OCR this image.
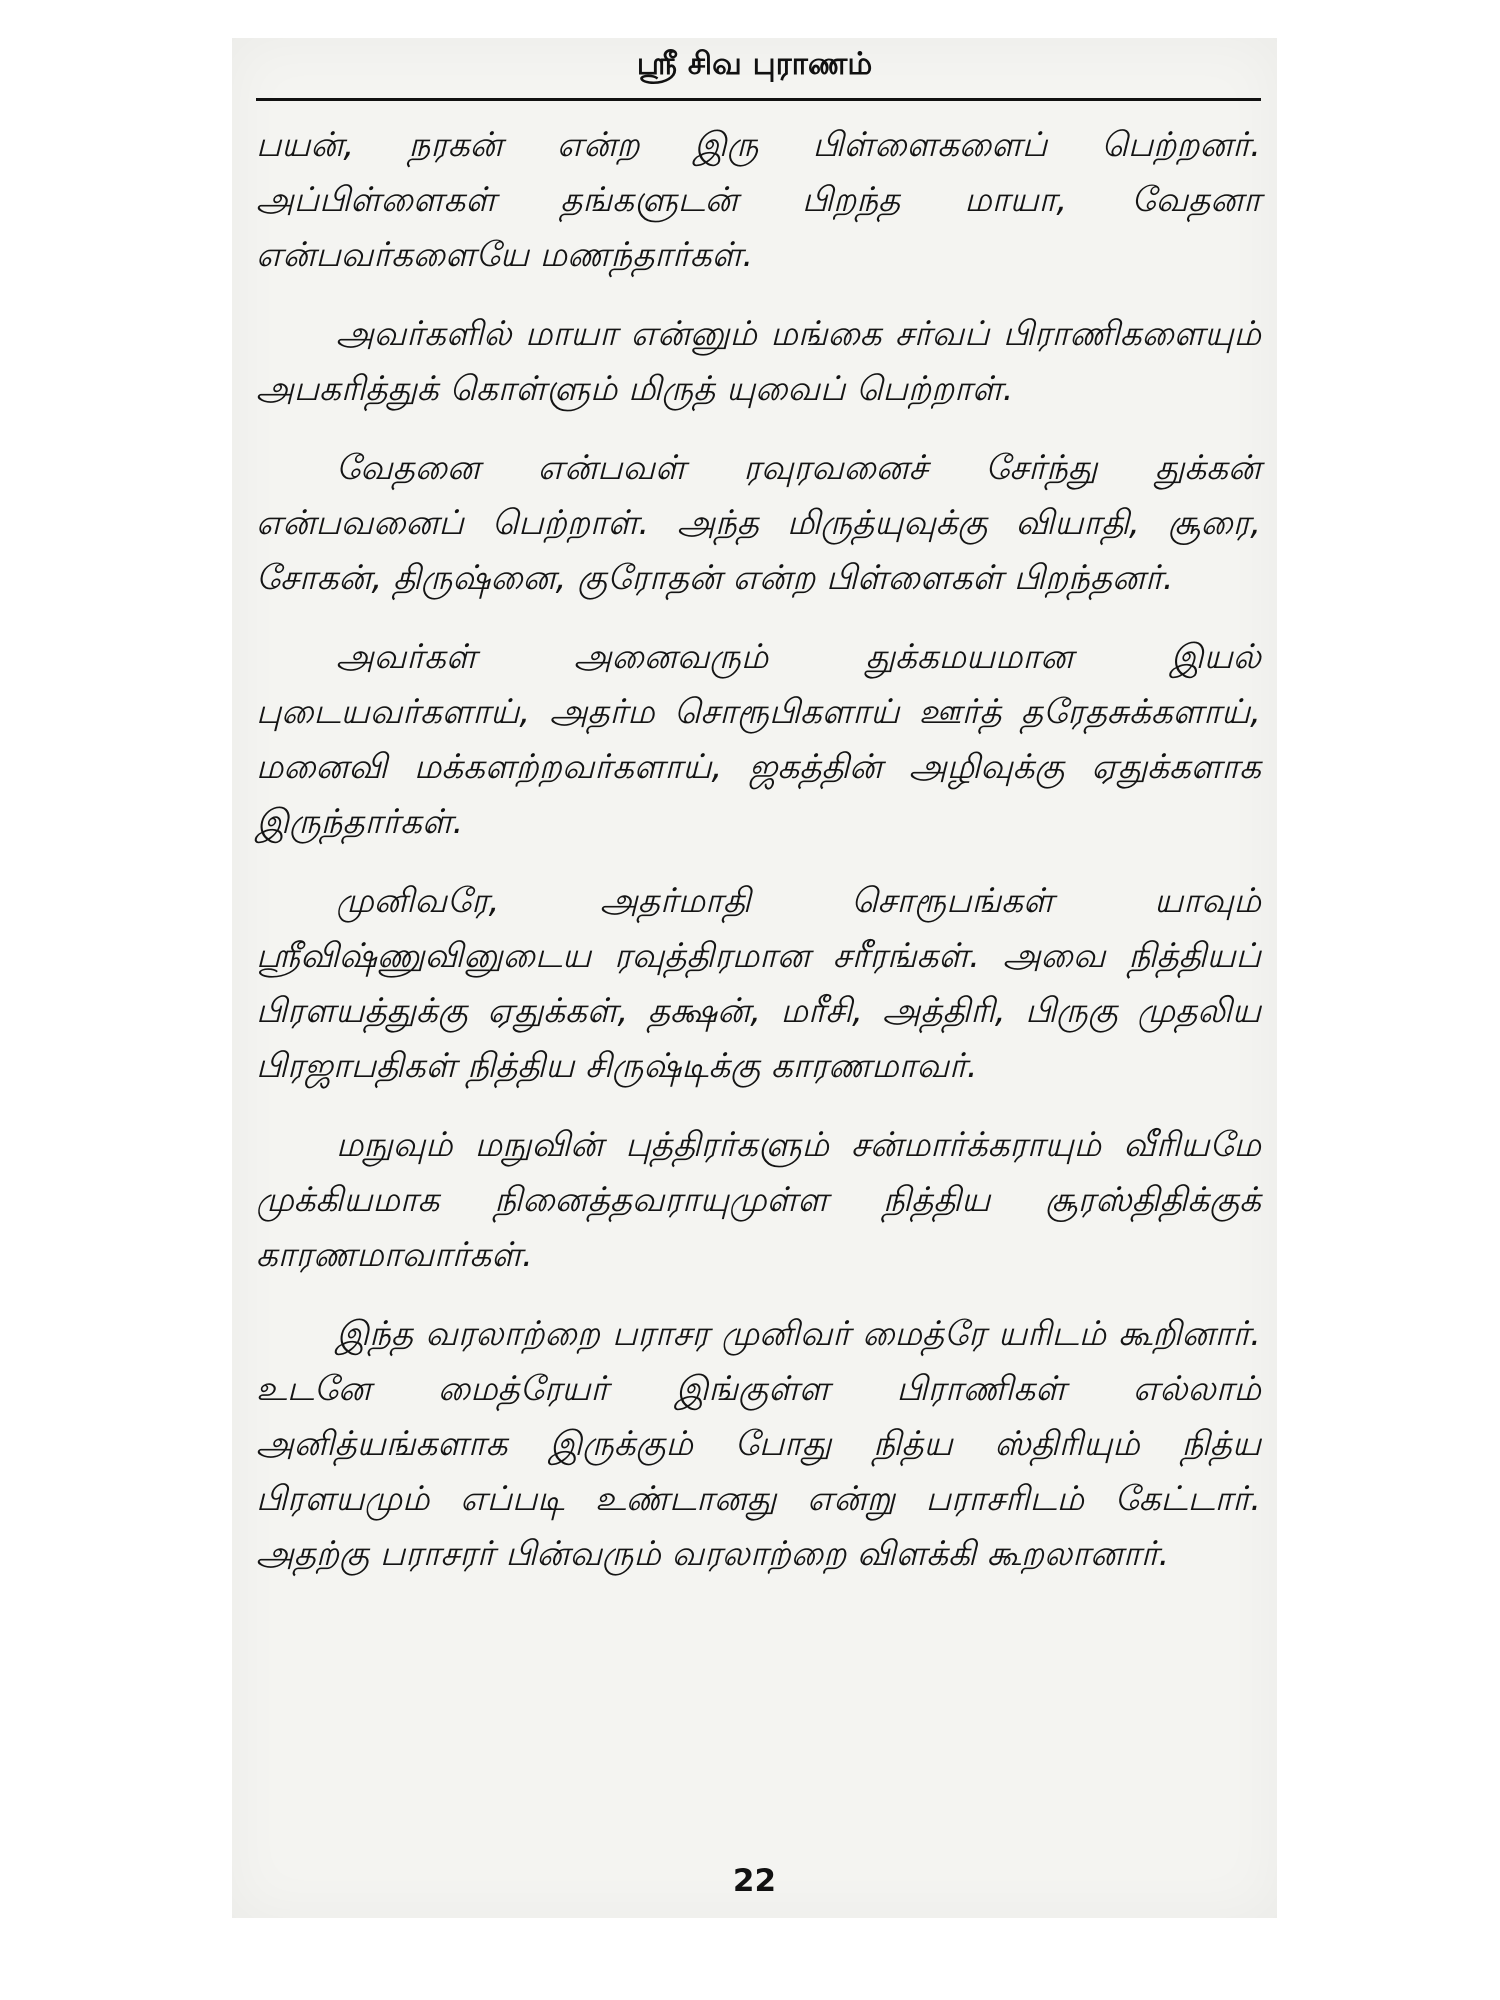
ஸ்ரீ சிவ புராணம்

பயன், நரகன் என்ற இரு பிள்ளைகளைப் பெற்றனர். அப்பிள்ளைகள் தங்களுடன் பிறந்த மாயா, வேதனா என்பவர்களையே மணந்தார்கள்.

அவர்களில் மாயா என்னும் மங்கை சர்வப் பிராணிகளையும் அபகரித்துக் கொள்ளும் மிருத் யுவைப் பெற்றாள்.

வேதனை என்பவள் ரவுரவனைச் சேர்ந்து துக்கன் என்பவனைப் பெற்றாள். அந்த மிருத்யுவுக்கு வியாதி, சூரை, சோகன், திருஷ்னை, குரோதன் என்ற பிள்ளைகள் பிறந்தனர்.

அவர்கள் அனைவரும் துக்கமயமான இயல் புடையவர்களாய், அதர்ம சொரூபிகளாய் ஊர்த் தரேதசுக்களாய், மனைவி மக்களற்றவர்களாய், ஜகத்தின் அழிவுக்கு ஏதுக்களாக இருந்தார்கள்.

முனிவரே, அதர்மாதி சொரூபங்கள் யாவும் ஸ்ரீவிஷ்ணுவினுடைய ரவுத்திரமான சரீரங்கள். அவை நித்தியப் பிரளயத்துக்கு ஏதுக்கள், தக்ஷன், மரீசி, அத்திரி, பிருகு முதலிய பிரஜாபதிகள் நித்திய சிருஷ்டிக்கு காரணமாவர்.

மநுவும் மநுவின் புத்திரர்களும் சன்மார்க்கராயும் வீரியமே முக்கியமாக நினைத்தவராயுமுள்ள நித்திய சூரஸ்திதிக்குக் காரணமாவார்கள்.

இந்த வரலாற்றை பராசர முனிவர் மைத்ரே யரிடம் கூறினார். உடனே மைத்ரேயர் இங்குள்ள பிராணிகள் எல்லாம் அனித்யங்களாக இருக்கும் போது நித்ய ஸ்திரியும் நித்ய பிரளயமும் எப்படி உண்டானது என்று பராசரிடம் கேட்டார். அதற்கு பராசரர் பின்வரும் வரலாற்றை விளக்கி கூறலானார்.

22
